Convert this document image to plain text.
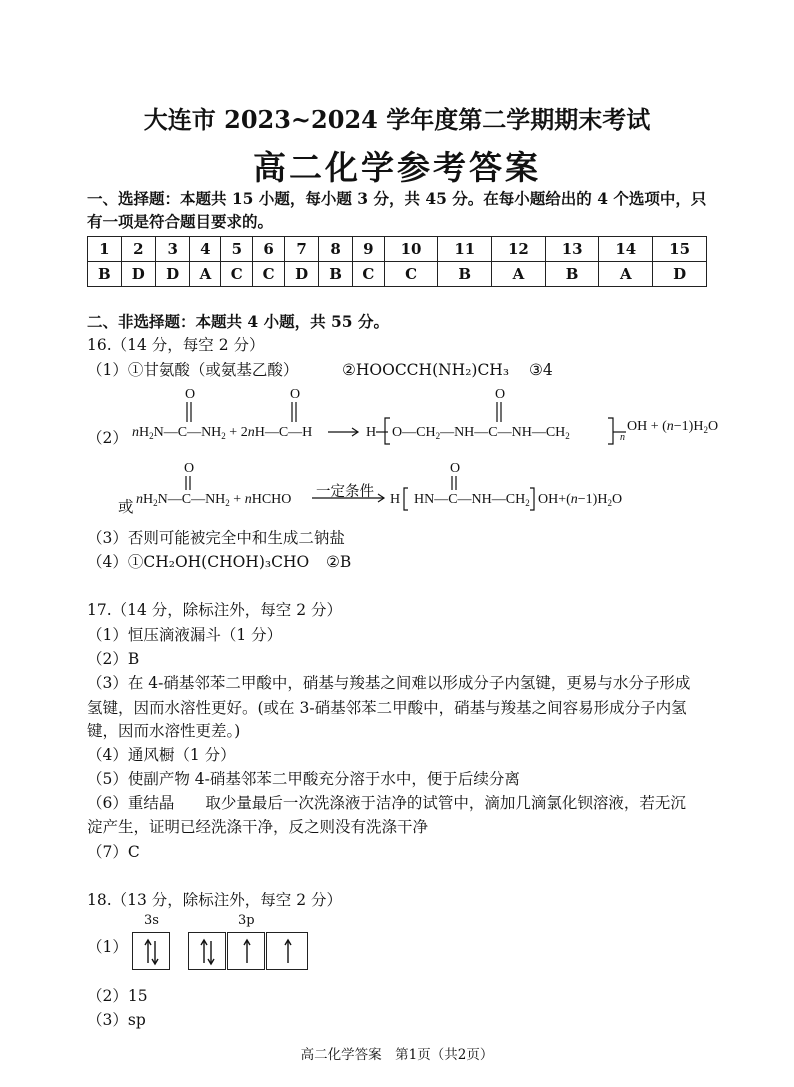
大连市 2023~2024 学年度第二学期期末考试
高二化学参考答案
一、选择题：本题共 15 小题，每小题 3 分，共 45 分。在每小题给出的 4 个选项中，只
有一项是符合题目要求的。
1	2	3	4	5	6	7	8	9	10	11	12	13	14	15
B	D	D	A	C	C	D	B	C	C	B	A	B	A	D
二、非选择题：本题共 4 小题，共 55 分。
16.（14 分，每空 2 分）
（1）①甘氨酸（或氨基乙酸）	②HOOCCH(NH₂)CH₃ ③4
（2）
O
$nH_2N—C—NH_2$ + 2nH—C—H
O
H $O—CH_2—NH—C—NH—CH_2$
O
n
OH + $(n-1)H_2O$
或
O
$nH_2N—C—NH_2$ + nHCHO
O
H $HN—C—NH—CH_2$ $OH+(n-1)H_2O$
一定条件
（3）否则可能被完全中和生成二钠盐
（4）①CH₂OH(CHOH)₃CHO ②B
17.（14 分，除标注外，每空 2 分）
（1）恒压滴液漏斗（1 分）
（2）B
（3）在 4-硝基邻苯二甲酸中，硝基与羧基之间难以形成分子内氢键，更易与水分子形成
氢键，因而水溶性更好。(或在 3-硝基邻苯二甲酸中，硝基与羧基之间容易形成分子内氢
键，因而水溶性更差。)
（4）通风橱（1 分）
（5）使副产物 4-硝基邻苯二甲酸充分溶于水中，便于后续分离
（6）重结晶　　取少量最后一次洗涤液于洁净的试管中，滴加几滴氯化钡溶液，若无沉
淀产生，证明已经洗涤干净，反之则没有洗涤干净
（7）C
18.（13 分，除标注外，每空 2 分）
3s	3p
（1）
（2）15
（3）sp
高二化学答案　第1页（共2页）
